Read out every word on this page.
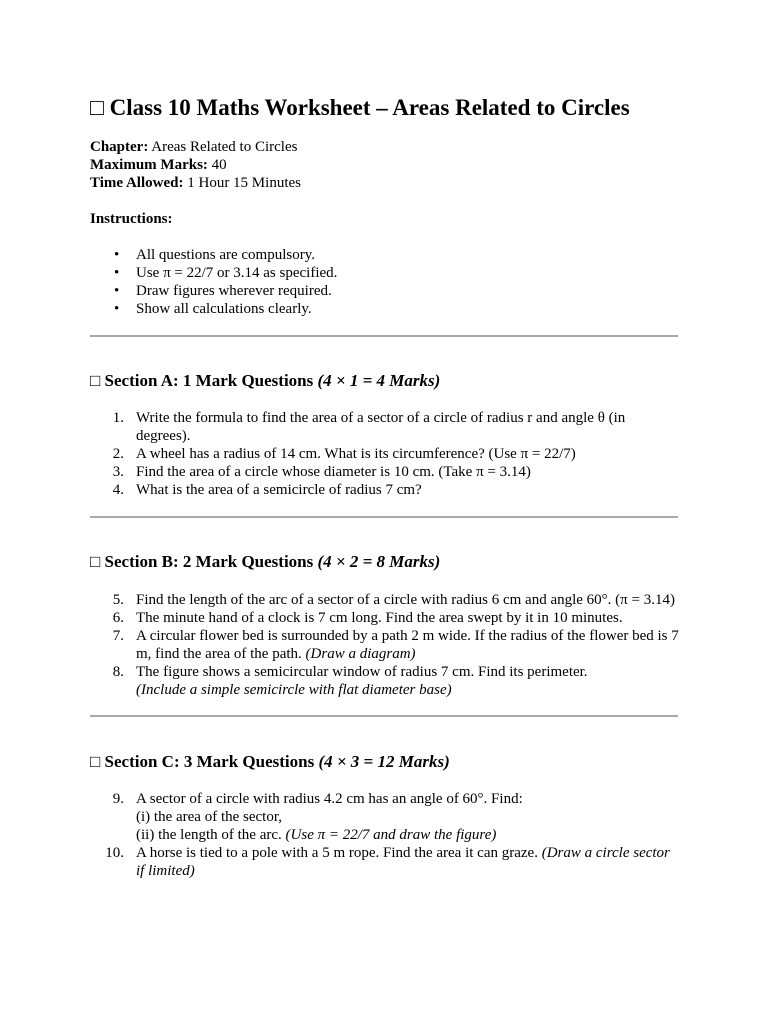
□ Class 10 Maths Worksheet – Areas Related to Circles
Chapter: Areas Related to Circles
Maximum Marks: 40
Time Allowed: 1 Hour 15 Minutes
Instructions:
• All questions are compulsory.
• Use π = 22/7 or 3.14 as specified.
• Draw figures wherever required.
• Show all calculations clearly.
□ Section A: 1 Mark Questions (4 × 1 = 4 Marks)
1. Write the formula to find the area of a sector of a circle of radius r and angle θ (in degrees).
2. A wheel has a radius of 14 cm. What is its circumference? (Use π = 22/7)
3. Find the area of a circle whose diameter is 10 cm. (Take π = 3.14)
4. What is the area of a semicircle of radius 7 cm?
□ Section B: 2 Mark Questions (4 × 2 = 8 Marks)
5. Find the length of the arc of a sector of a circle with radius 6 cm and angle 60°. (π = 3.14)
6. The minute hand of a clock is 7 cm long. Find the area swept by it in 10 minutes.
7. A circular flower bed is surrounded by a path 2 m wide. If the radius of the flower bed is 7 m, find the area of the path. (Draw a diagram)
8. The figure shows a semicircular window of radius 7 cm. Find its perimeter.
(Include a simple semicircle with flat diameter base)
□ Section C: 3 Mark Questions (4 × 3 = 12 Marks)
9. A sector of a circle with radius 4.2 cm has an angle of 60°. Find:
(i) the area of the sector,
(ii) the length of the arc. (Use π = 22/7 and draw the figure)
10. A horse is tied to a pole with a 5 m rope. Find the area it can graze. (Draw a circle sector if limited)
